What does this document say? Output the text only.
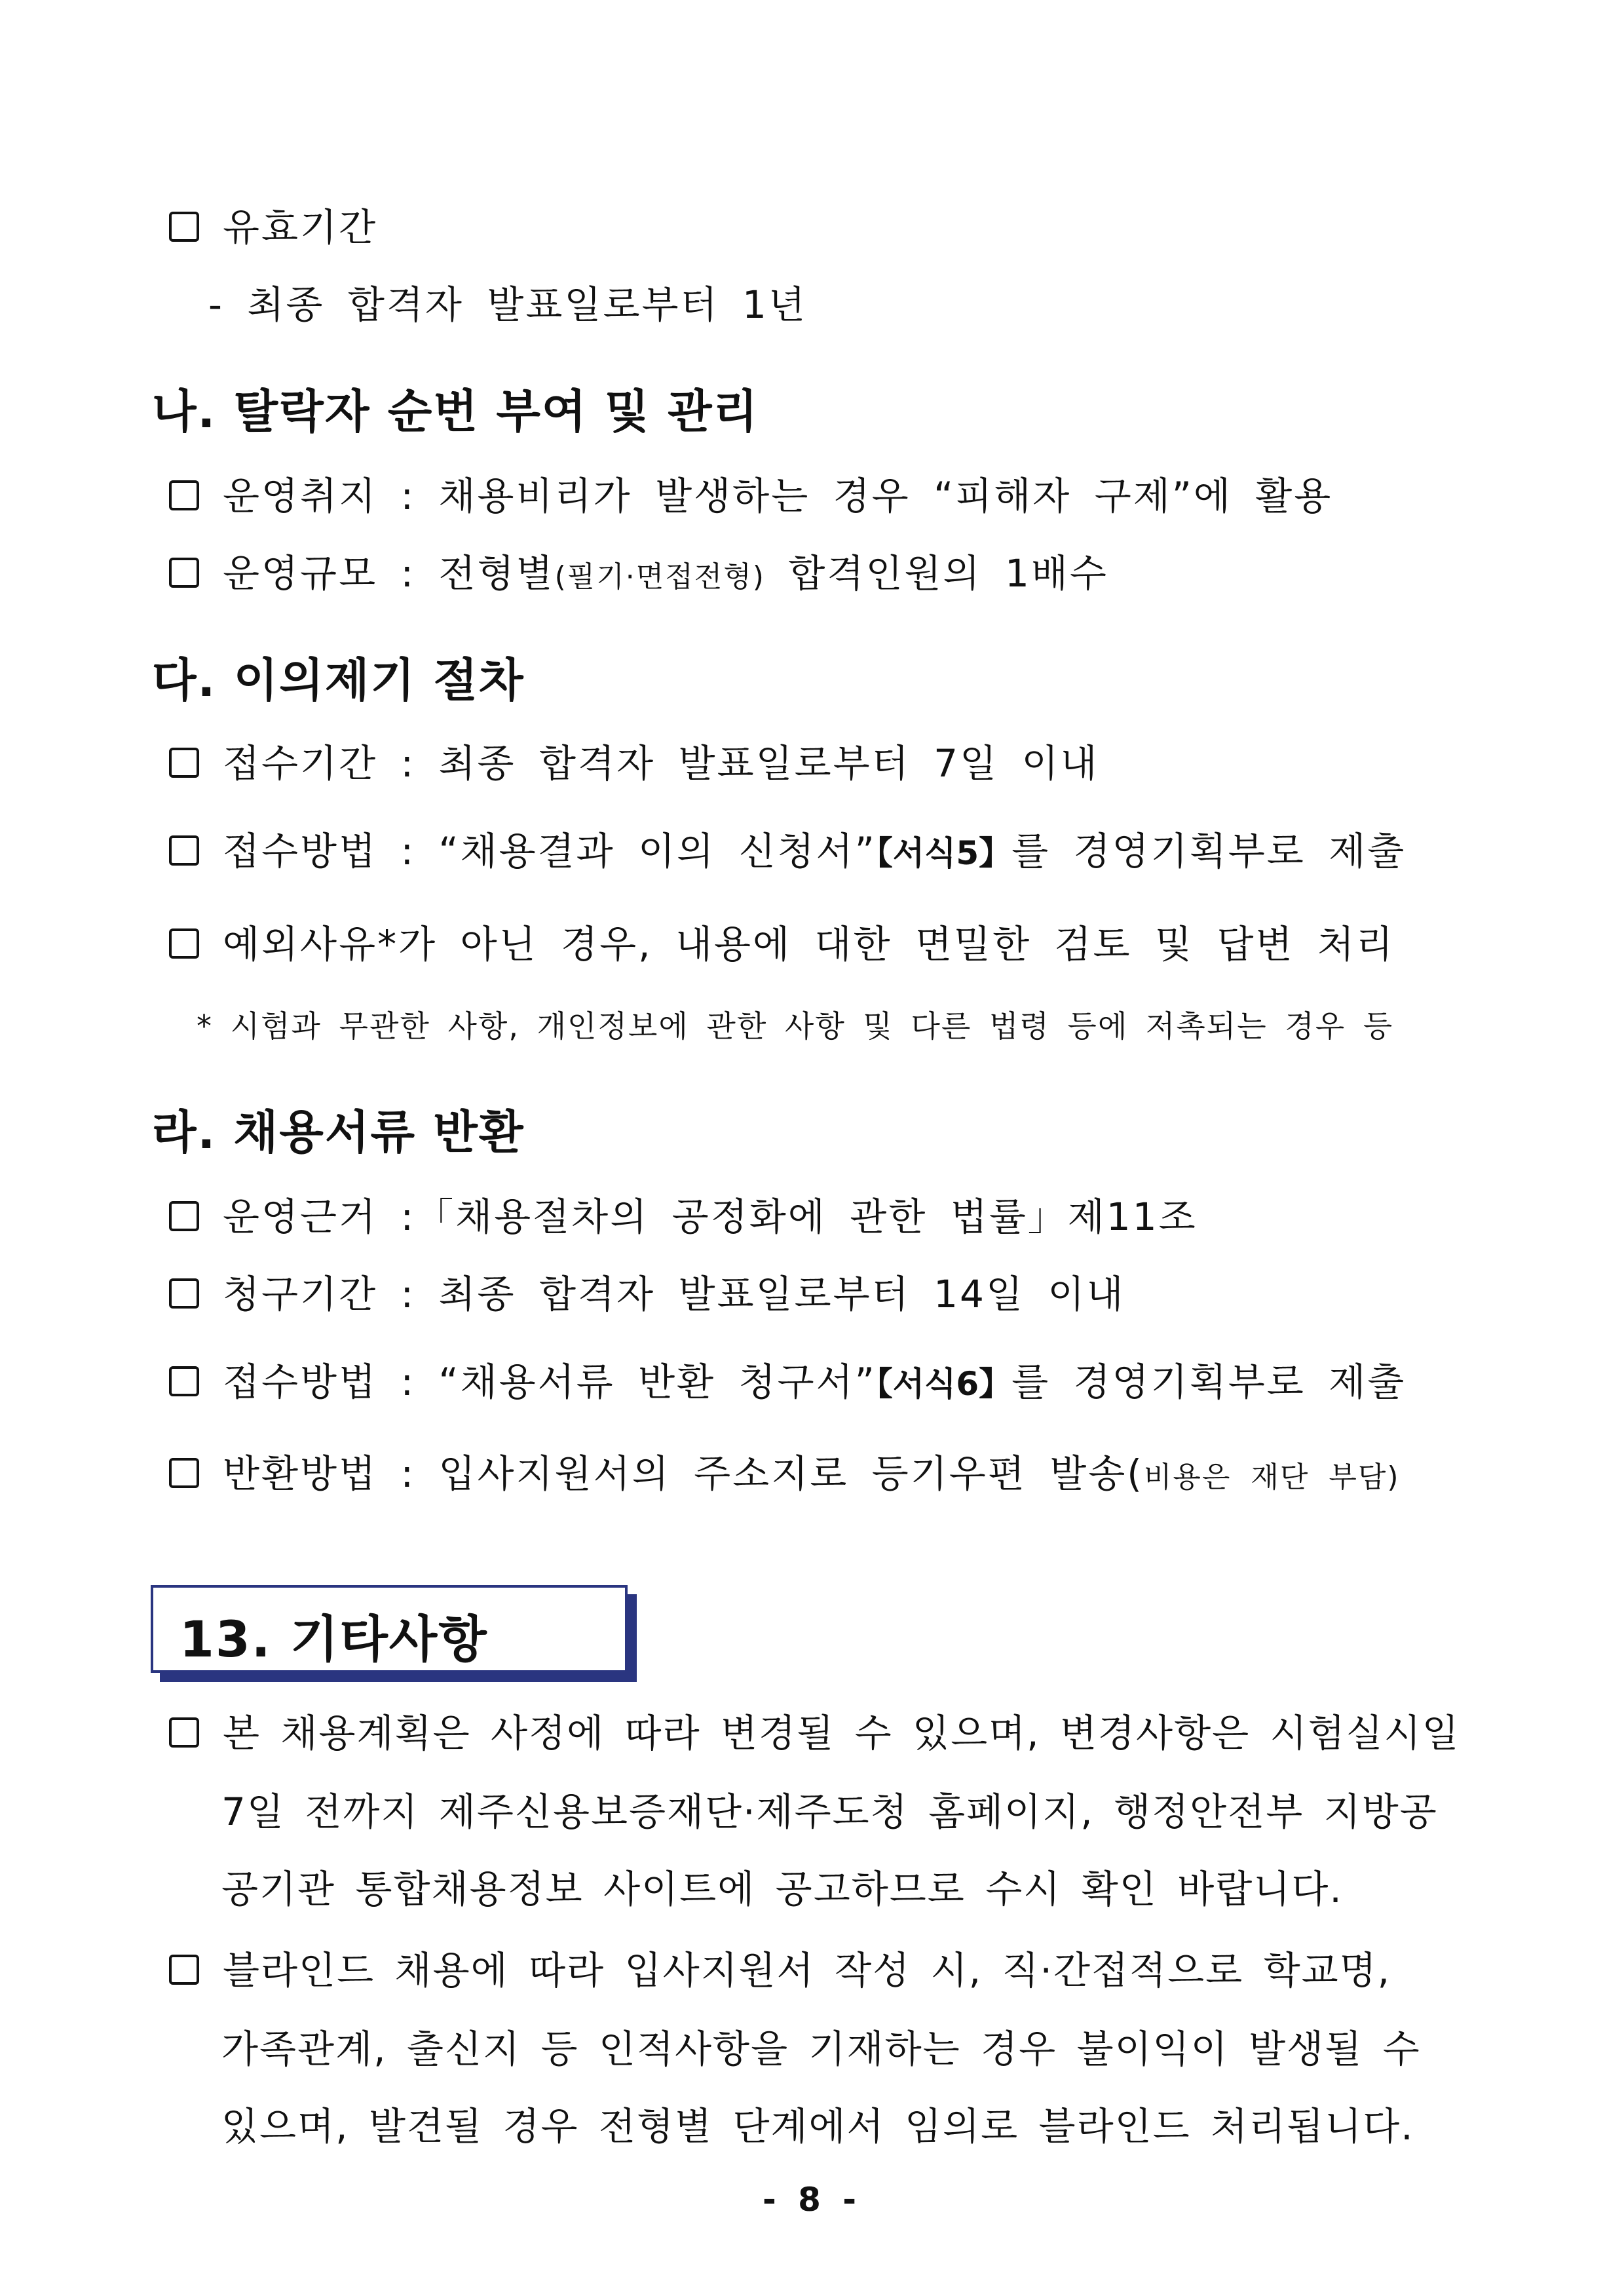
유효기간
- 최종 합격자 발표일로부터 1년
나. 탈락자 순번 부여 및 관리
운영취지 : 채용비리가 발생하는 경우 “피해자 구제”에 활용
운영규모 : 전형별(필기·면접전형) 합격인원의 1배수
다. 이의제기 절차
접수기간 : 최종 합격자 발표일로부터 7일 이내
접수방법 : “채용결과 이의 신청서”【서식5】를 경영기획부로 제출
예외사유*가 아닌 경우, 내용에 대한 면밀한 검토 및 답변 처리
* 시험과 무관한 사항, 개인정보에 관한 사항 및 다른 법령 등에 저촉되는 경우 등
라. 채용서류 반환
운영근거 :「채용절차의 공정화에 관한 법률」제11조
청구기간 : 최종 합격자 발표일로부터 14일 이내
접수방법 : “채용서류 반환 청구서”【서식6】를 경영기획부로 제출
반환방법 : 입사지원서의 주소지로 등기우편 발송(비용은 재단 부담)
13. 기타사항
본 채용계획은 사정에 따라 변경될 수 있으며, 변경사항은 시험실시일
7일 전까지 제주신용보증재단·제주도청 홈페이지, 행정안전부 지방공
공기관 통합채용정보 사이트에 공고하므로 수시 확인 바랍니다.
블라인드 채용에 따라 입사지원서 작성 시, 직·간접적으로 학교명,
가족관계, 출신지 등 인적사항을 기재하는 경우 불이익이 발생될 수
있으며, 발견될 경우 전형별 단계에서 임의로 블라인드 처리됩니다.
- 8 -
